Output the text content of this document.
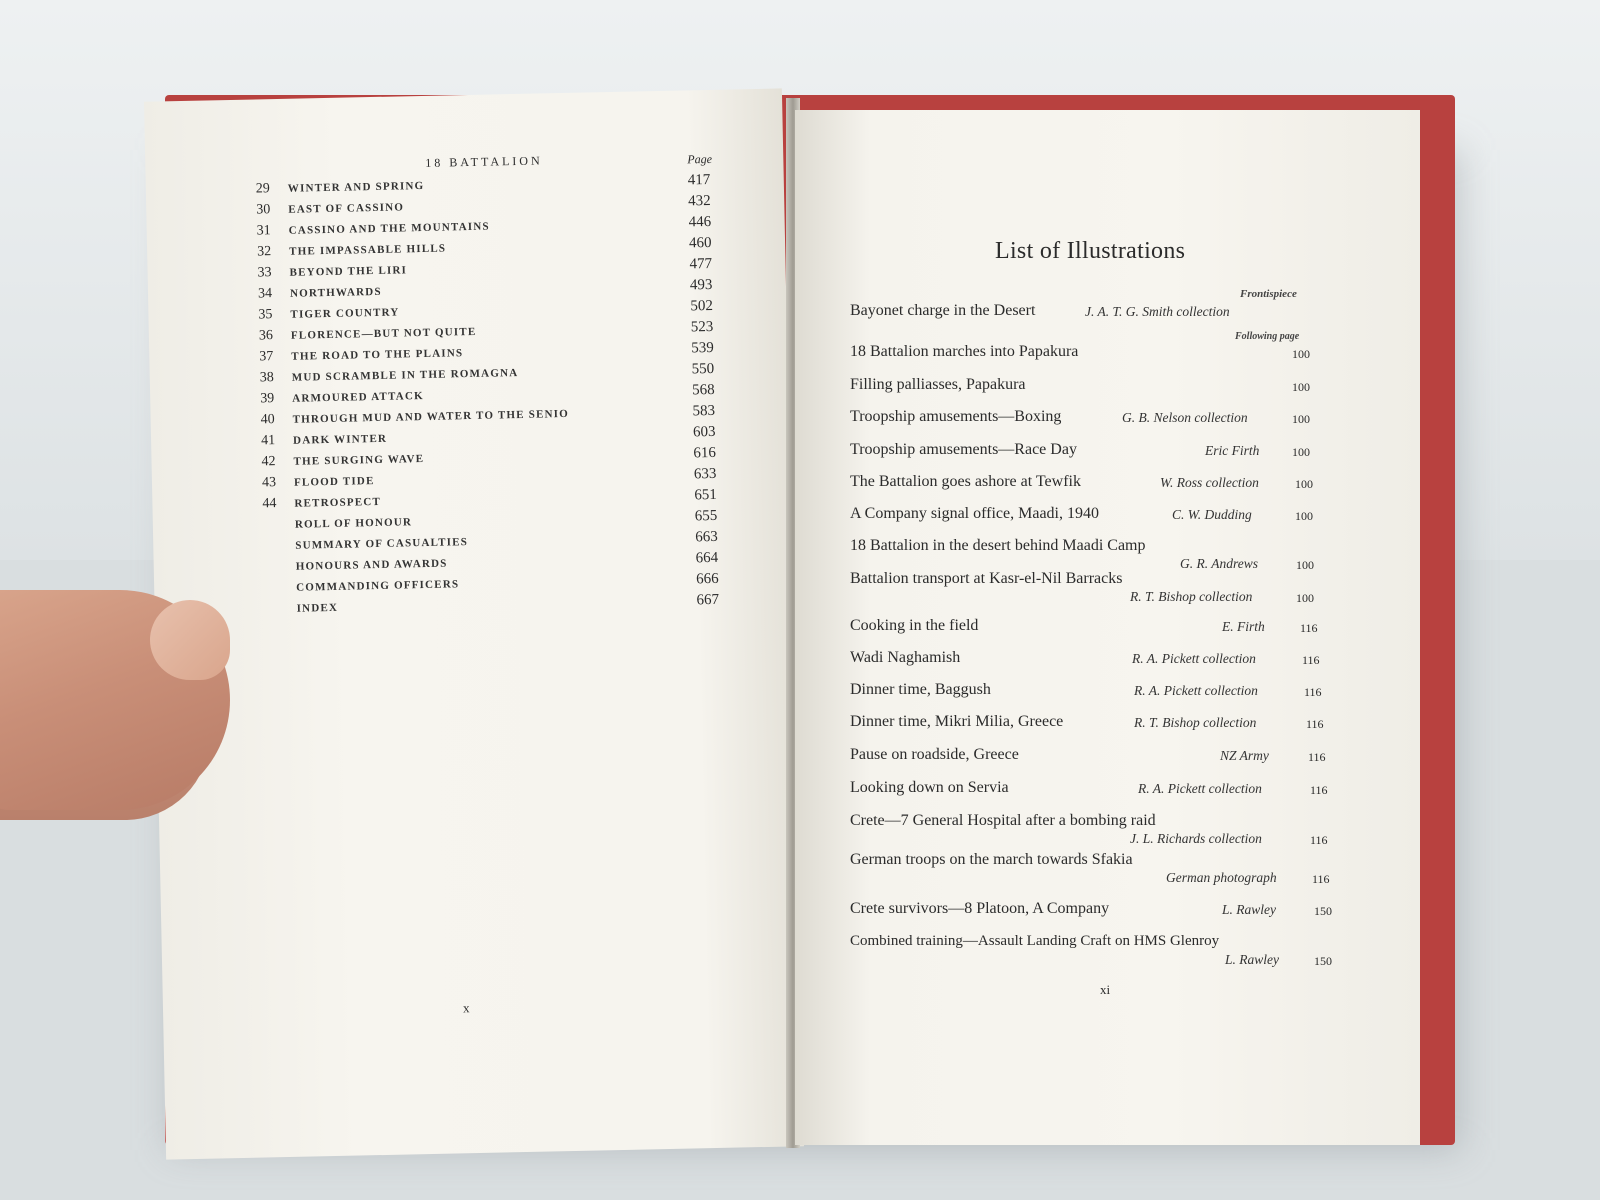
18 BATTALION	Page
29	WINTER AND SPRING	417
30	EAST OF CASSINO	432
31	CASSINO AND THE MOUNTAINS	446
32	THE IMPASSABLE HILLS	460
33	BEYOND THE LIRI	477
34	NORTHWARDS	493
35	TIGER COUNTRY	502
36	FLORENCE—BUT NOT QUITE	523
37	THE ROAD TO THE PLAINS	539
38	MUD SCRAMBLE IN THE ROMAGNA	550
39	ARMOURED ATTACK	568
40	THROUGH MUD AND WATER TO THE SENIO	583
41	DARK WINTER	603
42	THE SURGING WAVE	616
43	FLOOD TIDE	633
44	RETROSPECT	651
ROLL OF HONOUR	655
SUMMARY OF CASUALTIES	663
HONOURS AND AWARDS	664
COMMANDING OFFICERS	666
INDEX	667
x
List of Illustrations
Frontispiece
Following page
Bayonet charge in the Desert	J. A. T. G. Smith collection
18 Battalion marches into Papakura	100
Filling palliasses, Papakura	100
Troopship amusements—Boxing	G. B. Nelson collection	100
Troopship amusements—Race Day	Eric Firth	100
The Battalion goes ashore at Tewfik	W. Ross collection	100
A Company signal office, Maadi, 1940	C. W. Dudding	100
18 Battalion in the desert behind Maadi Camp
G. R. Andrews	100
Battalion transport at Kasr-el-Nil Barracks
R. T. Bishop collection	100
Cooking in the field	E. Firth	116
Wadi Naghamish	R. A. Pickett collection	116
Dinner time, Baggush	R. A. Pickett collection	116
Dinner time, Mikri Milia, Greece	R. T. Bishop collection	116
Pause on roadside, Greece	NZ Army	116
Looking down on Servia	R. A. Pickett collection	116
Crete—7 General Hospital after a bombing raid
J. L. Richards collection	116
German troops on the march towards Sfakia
German photograph	116
Crete survivors—8 Platoon, A Company	L. Rawley	150
Combined training—Assault Landing Craft on HMS Glenroy
L. Rawley	150
xi
